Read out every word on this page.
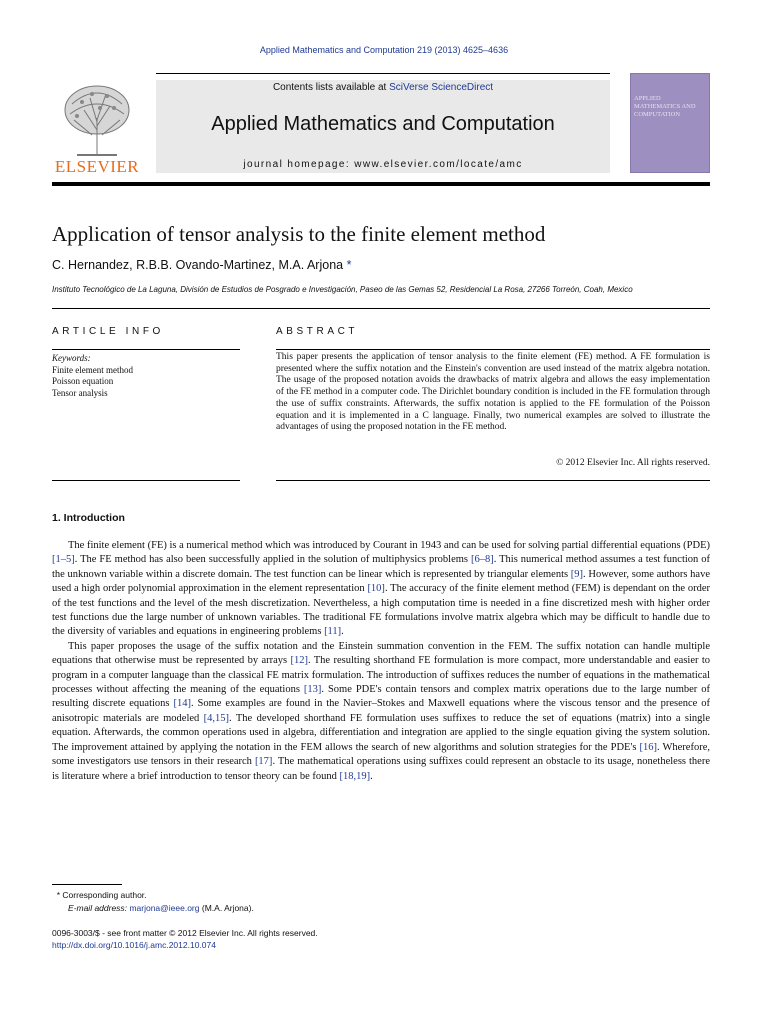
Applied Mathematics and Computation 219 (2013) 4625–4636
ELSEVIER
Contents lists available at SciVerse ScienceDirect
Applied Mathematics and Computation
journal homepage: www.elsevier.com/locate/amc
APPLIED MATHEMATICS AND COMPUTATION
Application of tensor analysis to the finite element method
C. Hernandez, R.B.B. Ovando-Martinez, M.A. Arjona *
Instituto Tecnológico de La Laguna, División de Estudios de Posgrado e Investigación, Paseo de las Gemas 52, Residencial La Rosa, 27266 Torreón, Coah, Mexico
ARTICLE INFO	ABSTRACT
Keywords:
Finite element method
Poisson equation
Tensor analysis
This paper presents the application of tensor analysis to the finite element (FE) method. A FE formulation is presented where the suffix notation and the Einstein's convention are used instead of the matrix algebra notation. The usage of the proposed notation avoids the drawbacks of matrix algebra and allows the easy implementation of the FE method in a computer code. The Dirichlet boundary condition is included in the FE formulation through the use of suffix constraints. Afterwards, the suffix notation is applied to the FE formulation of the Poisson equation and it is implemented in a C language. Finally, two numerical examples are solved to illustrate the advantages of using the proposed notation in the FE method.
© 2012 Elsevier Inc. All rights reserved.
1. Introduction

The finite element (FE) is a numerical method which was introduced by Courant in 1943 and can be used for solving partial differential equations (PDE) [1–5]. The FE method has also been successfully applied in the solution of multiphysics problems [6–8]. This numerical method assumes a test function of the unknown variable within a discrete domain. The test function can be linear which is represented by triangular elements [9]. However, some authors have used a high order polynomial approximation in the element representation [10]. The accuracy of the finite element method (FEM) is dependant on the order of the test functions and the level of the mesh discretization. Nevertheless, a high computation time is needed in a fine discretized mesh with higher order test functions due the large number of unknown variables. The traditional FE formulations involve matrix algebra which may be difficult to handle due to the diversity of variables and equations in engineering problems [11].

This paper proposes the usage of the suffix notation and the Einstein summation convention in the FEM. The suffix notation can handle multiple equations that otherwise must be represented by arrays [12]. The resulting shorthand FE formulation is more compact, more understandable and easier to program in a computer language than the classical FE matrix formulation. The introduction of suffixes reduces the number of equations in the mathematical processes without affecting the meaning of the equations [13]. Some PDE's contain tensors and complex matrix operations due to the large number of resulting discrete equations [14]. Some examples are found in the Navier–Stokes and Maxwell equations where the viscous tensor and the presence of anisotropic materials are modeled [4,15]. The developed shorthand FE formulation uses suffixes to reduce the set of equations (matrix) into a single equation. Afterwards, the common operations used in algebra, differentiation and integration are applied to the single equation giving the system solution. The improvement attained by applying the notation in the FEM allows the search of new algorithms and solution strategies for the PDE's [16]. Wherefore, some investigators use tensors in their research [17]. The mathematical operations using suffixes could represent an obstacle to its usage, nonetheless there is literature where a brief introduction to tensor theory can be found [18,19].

* Corresponding author.
E-mail address: marjona@ieee.org (M.A. Arjona).
0096-3003/$ - see front matter © 2012 Elsevier Inc. All rights reserved.
http://dx.doi.org/10.1016/j.amc.2012.10.074
